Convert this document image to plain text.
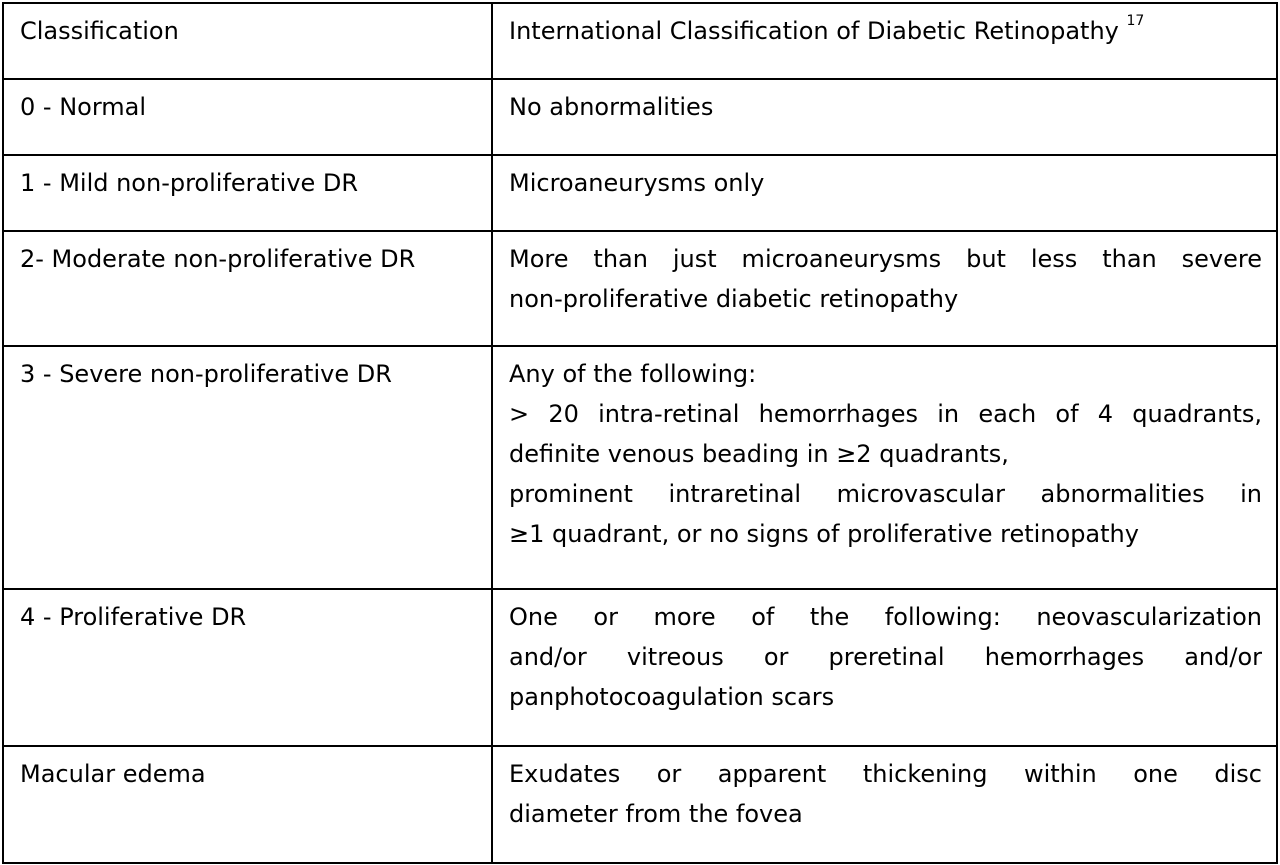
Classification	International Classification of Diabetic Retinopathy $^{17}$
0 - Normal	No abnormalities

1 - Mild non-proliferative DR	Microaneurysms only

2- Moderate non-proliferative DR	More than just microaneurysms but less than severe
non-proliferative diabetic retinopathy

3 - Severe non-proliferative DR	Any of the following:
> 20 intra-retinal hemorrhages in each of 4 quadrants,
definite venous beading in ≥2 quadrants,
prominent intraretinal microvascular abnormalities in
≥1 quadrant, or no signs of proliferative retinopathy

4 - Proliferative DR	One or more of the following: neovascularization
and/or vitreous or preretinal hemorrhages and/or
panphotocoagulation scars

Macular edema	Exudates or apparent thickening within one disc
diameter from the fovea
